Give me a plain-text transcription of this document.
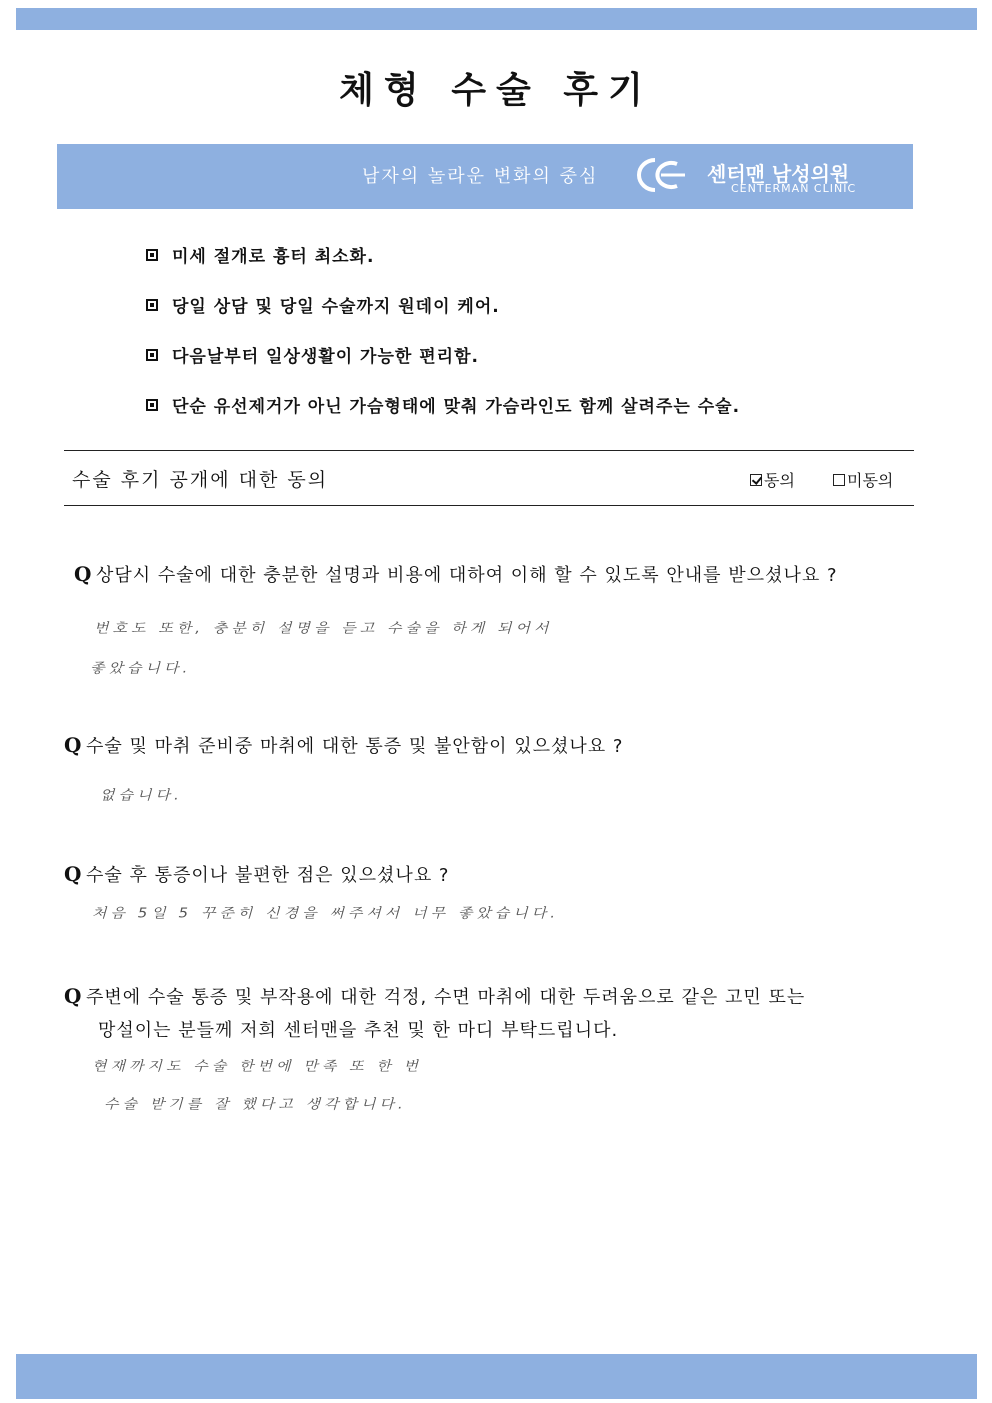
체형 수술 후기
남자의 놀라운 변화의 중심	센터맨 남성의원
CENTERMAN CLINIC
미세 절개로 흉터 최소화.
당일 상담 및 당일 수술까지 원데이 케어.
다음날부터 일상생활이 가능한 편리함.
단순 유선제거가 아닌 가슴형태에 맞춰 가슴라인도 함께 살려주는 수술.
수술 후기 공개에 대한 동의	동의	미동의
Q 상담시 수술에 대한 충분한 설명과 비용에 대하여 이해 할 수 있도록 안내를 받으셨나요 ?
번호도 또한, 충분히 설명을 듣고 수술을 하게 되어서
좋았습니다.
Q 수술 및 마취 준비중 마취에 대한 통증 및 불안함이 있으셨나요 ?
없습니다.
Q 수술 후 통증이나 불편한 점은 있으셨나요 ?
처음 5일 5 꾸준히 신경을 써주셔서 너무 좋았습니다.
Q 주변에 수술 통증 및 부작용에 대한 걱정, 수면 마취에 대한 두려움으로 같은 고민 또는
망설이는 분들께 저희 센터맨을 추천 및 한 마디 부탁드립니다.
현재까지도 수술 한번에 만족 또 한 번
수술 받기를 잘 했다고 생각합니다.
